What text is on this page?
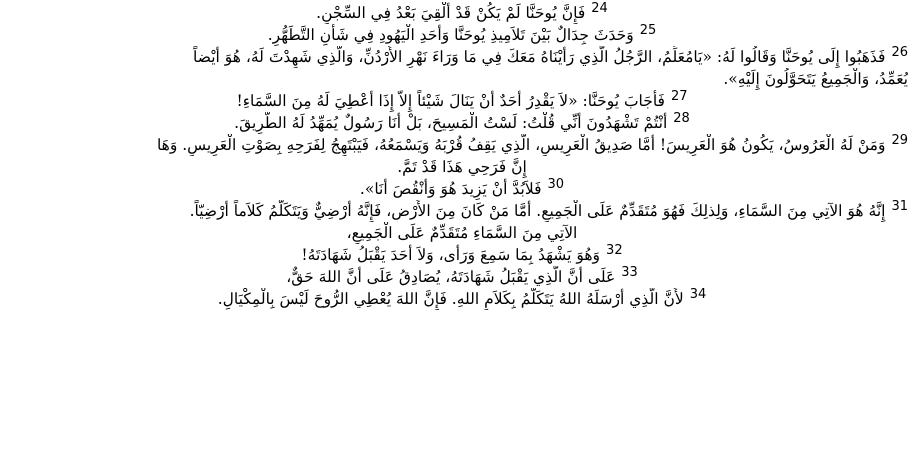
$^{24}$فَإِنَّ يُوحَنَّا لَمْ يَكُنْ قَدْ أُلْقِيَ بَعْدُ فِي السِّجْنِ.
$^{25}$وَحَدَثَ جِدَالٌ بَيْنَ تَلاَمِيذِ يُوحَنَّا وَأَحَدِ الْيَهُودِ فِي شَأْنِ التَّطَهُّرِ.
$^{26}$فَذَهَبُوا إِلَى يُوحَنَّا وَقَالُوا لَهُ: «يَامُعَلِّمُ، الرَّجُلُ الَّذِي رَأَيْنَاهُ مَعَكَ فِي مَا وَرَاءَ نَهْرِ الأُرْدُنِّ، وَالَّذِي شَهِدْتَ لَهُ، هُوَ أَيْضاً
يُعَمِّدُ، وَالْجَمِيعُ يَتَحَوَّلُونَ إِلَيْهِ».
$^{27}$فَأَجَابَ يُوحَنَّا: «لاَ يَقْدِرُ أَحَدٌ أَنْ يَنَالَ شَيْئاً إِلاَّ إِذَا أُعْطِيَ لَهُ مِنَ السَّمَاءِ!
$^{28}$أَنْتُمْ تَشْهَدُونَ أَنِّي قُلْتُ: لَسْتُ الْمَسِيحَ، بَلْ أَنَا رَسُولٌ يُمَهِّدُ لَهُ الطَّرِيقَ.
$^{29}$وَمَنْ لَهُ الْعَرُوسُ، يَكُونُ هُوَ الْعَرِيسَ! أَمَّا صَدِيقُ الْعَرِيسِ، الَّذِي يَقِفُ قُرْبَهُ وَيَسْمَعُهُ، فَيَبْتَهِجُ لِفَرَحِهِ بِصَوْتِ الْعَرِيسِ. وَهَا
إِنَّ فَرَحِي هَذَا قَدْ تَمَّ.
$^{30}$فَلاَبُدَّ أَنْ يَزِيدَ هُوَ وَأَنْقُصَ أَنَا».
$^{31}$إِنَّهُ هُوَ الآتِي مِنَ السَّمَاءِ، وَلِذلِكَ فَهُوَ مُتَقَدِّمٌ عَلَى الْجَمِيعِ. أَمَّا مَنْ كَانَ مِنَ الأَرْضِ، فَإِنَّهُ أَرْضِيٌّ وَيَتَكَلَّمُ كَلاَماً أَرْضِيّاً.
الآتِي مِنَ السَّمَاءِ مُتَقَدِّمٌ عَلَى الْجَمِيعِ،
$^{32}$وَهُوَ يَشْهَدُ بِمَا سَمِعَ وَرَأَى، وَلاَ أَحَدَ يَقْبَلُ شَهَادَتَهُ!
$^{33}$عَلَى أَنَّ الَّذِي يَقْبَلُ شَهَادَتَهُ، يُصَادِقُ عَلَى أَنَّ اللهَ حَقٌّ،
$^{34}$لأَنَّ الَّذِي أَرْسَلَهُ اللهُ يَتَكَلَّمُ بِكَلاَمِ اللهِ. فَإِنَّ اللهَ يُعْطِي الرُّوحَ لَيْسَ بِالْمِكْيَالِ.
